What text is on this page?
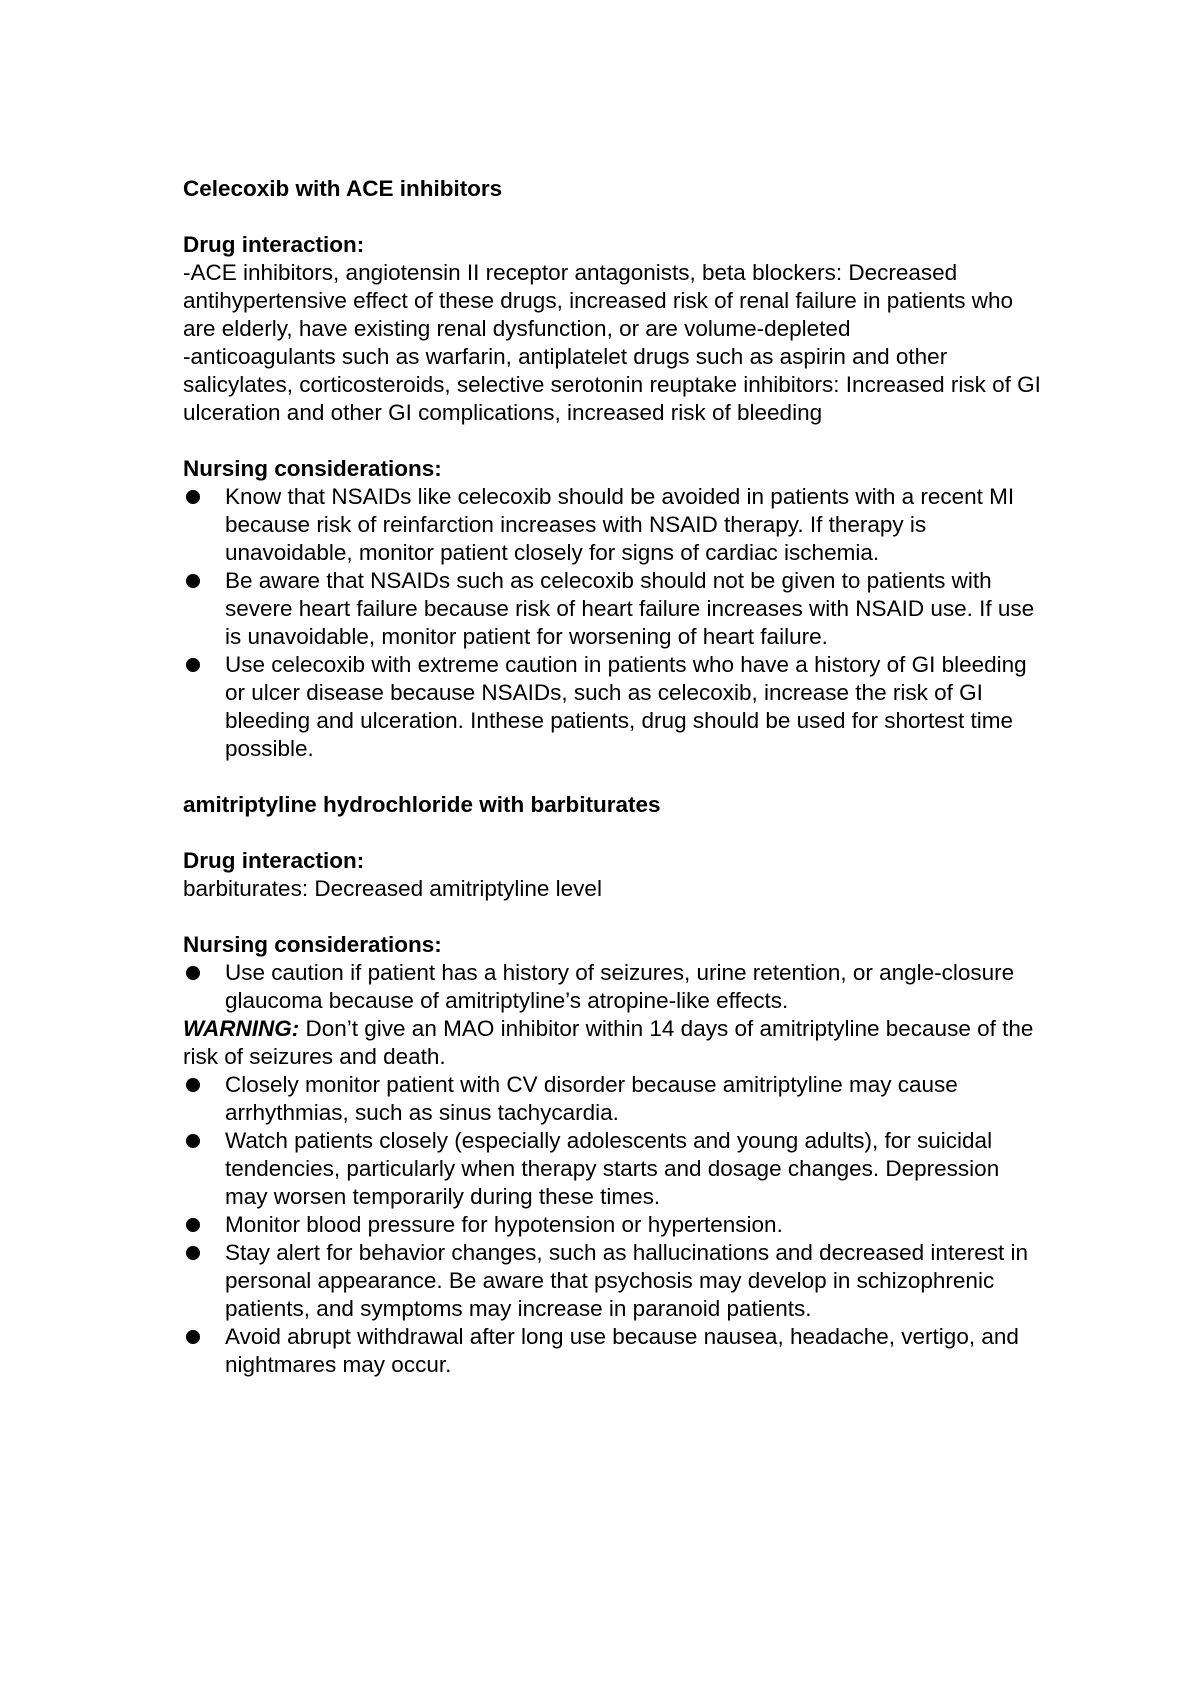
Celecoxib with ACE inhibitors
Drug interaction:
-ACE inhibitors, angiotensin II receptor antagonists, beta blockers: Decreased antihypertensive effect of these drugs, increased risk of renal failure in patients who are elderly, have existing renal dysfunction, or are volume-depleted
-anticoagulants such as warfarin, antiplatelet drugs such as aspirin and other salicylates, corticosteroids, selective serotonin reuptake inhibitors: Increased risk of GI ulceration and other GI complications, increased risk of bleeding
Nursing considerations:
Know that NSAIDs like celecoxib should be avoided in patients with a recent MI because risk of reinfarction increases with NSAID therapy. If therapy is unavoidable, monitor patient closely for signs of cardiac ischemia.
Be aware that NSAIDs such as celecoxib should not be given to patients with severe heart failure because risk of heart failure increases with NSAID use. If use is unavoidable, monitor patient for worsening of heart failure.
Use celecoxib with extreme caution in patients who have a history of GI bleeding or ulcer disease because NSAIDs, such as celecoxib, increase the risk of GI bleeding and ulceration. Inthese patients, drug should be used for shortest time possible.
amitriptyline hydrochloride with barbiturates
Drug interaction:
barbiturates: Decreased amitriptyline level
Nursing considerations:
Use caution if patient has a history of seizures, urine retention, or angle-closure glaucoma because of amitriptyline’s atropine-like effects.
WARNING: Don’t give an MAO inhibitor within 14 days of amitriptyline because of the risk of seizures and death.
Closely monitor patient with CV disorder because amitriptyline may cause arrhythmias, such as sinus tachycardia.
Watch patients closely (especially adolescents and young adults), for suicidal tendencies, particularly when therapy starts and dosage changes. Depression may worsen temporarily during these times.
Monitor blood pressure for hypotension or hypertension.
Stay alert for behavior changes, such as hallucinations and decreased interest in personal appearance. Be aware that psychosis may develop in schizophrenic patients, and symptoms may increase in paranoid patients.
Avoid abrupt withdrawal after long use because nausea, headache, vertigo, and nightmares may occur.
